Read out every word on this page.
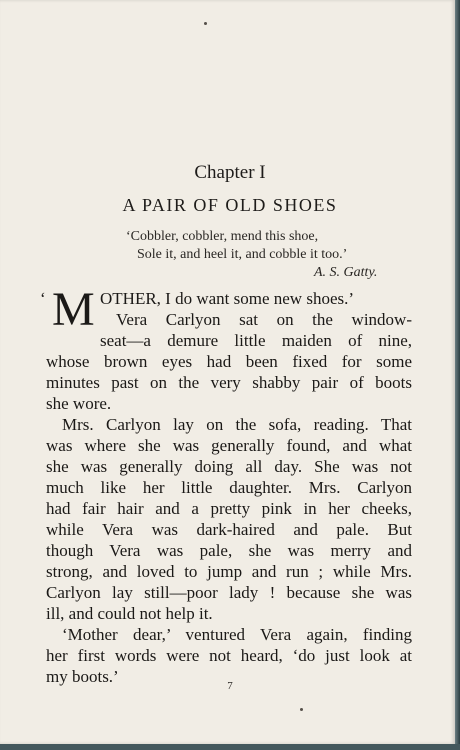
Chapter I
A PAIR OF OLD SHOES
‘Cobbler, cobbler, mend this shoe,
Sole it, and heel it, and cobble it too.’
A. S. Gatty.
‘ M OTHER, I do want some new shoes.’
Vera Carlyon sat on the window-
seat—a demure little maiden of nine,
whose brown eyes had been fixed for some
minutes past on the very shabby pair of boots
she wore.
Mrs. Carlyon lay on the sofa, reading. That
was where she was generally found, and what
she was generally doing all day. She was not
much like her little daughter. Mrs. Carlyon
had fair hair and a pretty pink in her cheeks,
while Vera was dark-haired and pale. But
though Vera was pale, she was merry and
strong, and loved to jump and run ; while Mrs.
Carlyon lay still—poor lady ! because she was
ill, and could not help it.
‘Mother dear,’ ventured Vera again, finding
her first words were not heard, ‘do just look at
my boots.’	7
